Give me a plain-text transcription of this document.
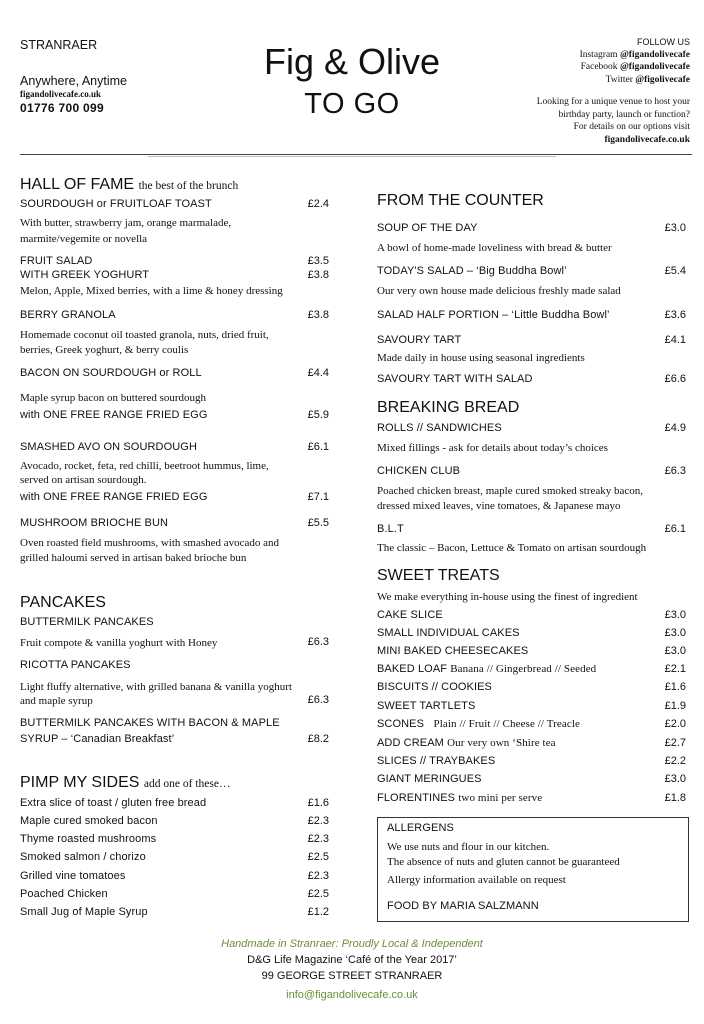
STRANRAER
Anywhere, Anytime
figandolivecafe.co.uk
01776 700 099
Fig & Olive
TO GO
FOLLOW US
Instagram @figandolivecafe
Facebook @figandolivecafe
Twitter @figolivecafe
Looking for a unique venue to host your
birthday party, launch or function?
For details on our options visit
figandolivecafe.co.uk
HALL OF FAME the best of the brunch
SOURDOUGH or FRUITLOAF TOAST	£2.4
With butter, strawberry jam, orange marmalade,
marmite/vegemite or novella
FRUIT SALAD	£3.5
WITH GREEK YOGHURT	£3.8
Melon, Apple, Mixed berries, with a lime & honey dressing
BERRY GRANOLA	£3.8
Homemade coconut oil toasted granola, nuts, dried fruit,
berries, Greek yoghurt, & berry coulis
BACON ON SOURDOUGH or ROLL	£4.4
Maple syrup bacon on buttered sourdough
with ONE FREE RANGE FRIED EGG	£5.9
SMASHED AVO ON SOURDOUGH	£6.1
Avocado, rocket, feta, red chilli, beetroot hummus, lime,
served on artisan sourdough.
with ONE FREE RANGE FRIED EGG	£7.1
MUSHROOM BRIOCHE BUN	£5.5
Oven roasted field mushrooms, with smashed avocado and
grilled haloumi served in artisan baked brioche bun
PANCAKES
BUTTERMILK PANCAKES
Fruit compote & vanilla yoghurt with Honey	£6.3
RICOTTA PANCAKES
Light fluffy alternative, with grilled banana & vanilla yoghurt
and maple syrup	£6.3
BUTTERMILK PANCAKES WITH BACON & MAPLE
SYRUP – ‘Canadian Breakfast’	£8.2
PIMP MY SIDES add one of these…
Extra slice of toast / gluten free bread	£1.6
Maple cured smoked bacon	£2.3
Thyme roasted mushrooms	£2.3
Smoked salmon / chorizo	£2.5
Grilled vine tomatoes	£2.3
Poached Chicken	£2.5
Small Jug of Maple Syrup	£1.2
FROM THE COUNTER
SOUP OF THE DAY	£3.0
A bowl of home-made loveliness with bread & butter
TODAY'S SALAD – ‘Big Buddha Bowl’	£5.4
Our very own house made delicious freshly made salad
SALAD HALF PORTION – ‘Little Buddha Bowl’	£3.6
SAVOURY TART	£4.1
Made daily in house using seasonal ingredients
SAVOURY TART WITH SALAD	£6.6
BREAKING BREAD
ROLLS // SANDWICHES	£4.9
Mixed fillings - ask for details about today’s choices
CHICKEN CLUB	£6.3
Poached chicken breast, maple cured smoked streaky bacon,
dressed mixed leaves, vine tomatoes, & Japanese mayo
B.L.T	£6.1
The classic – Bacon, Lettuce & Tomato on artisan sourdough
SWEET TREATS
We make everything in-house using the finest of ingredient
CAKE SLICE	£3.0
SMALL INDIVIDUAL CAKES	£3.0
MINI BAKED CHEESECAKES	£3.0
BAKED LOAF Banana // Gingerbread // Seeded	£2.1
BISCUITS // COOKIES	£1.6
SWEET TARTLETS	£1.9
SCONES Plain // Fruit // Cheese // Treacle	£2.0
ADD CREAM Our very own ‘Shire tea	£2.7
SLICES // TRAYBAKES	£2.2
GIANT MERINGUES	£3.0
FLORENTINES two mini per serve	£1.8
ALLERGENS
We use nuts and flour in our kitchen.
The absence of nuts and gluten cannot be guaranteed
Allergy information available on request
FOOD BY MARIA SALZMANN
Handmade in Stranraer: Proudly Local & Independent
D&G Life Magazine ‘Café of the Year 2017’
99 GEORGE STREET STRANRAER
info@figandolivecafe.co.uk
